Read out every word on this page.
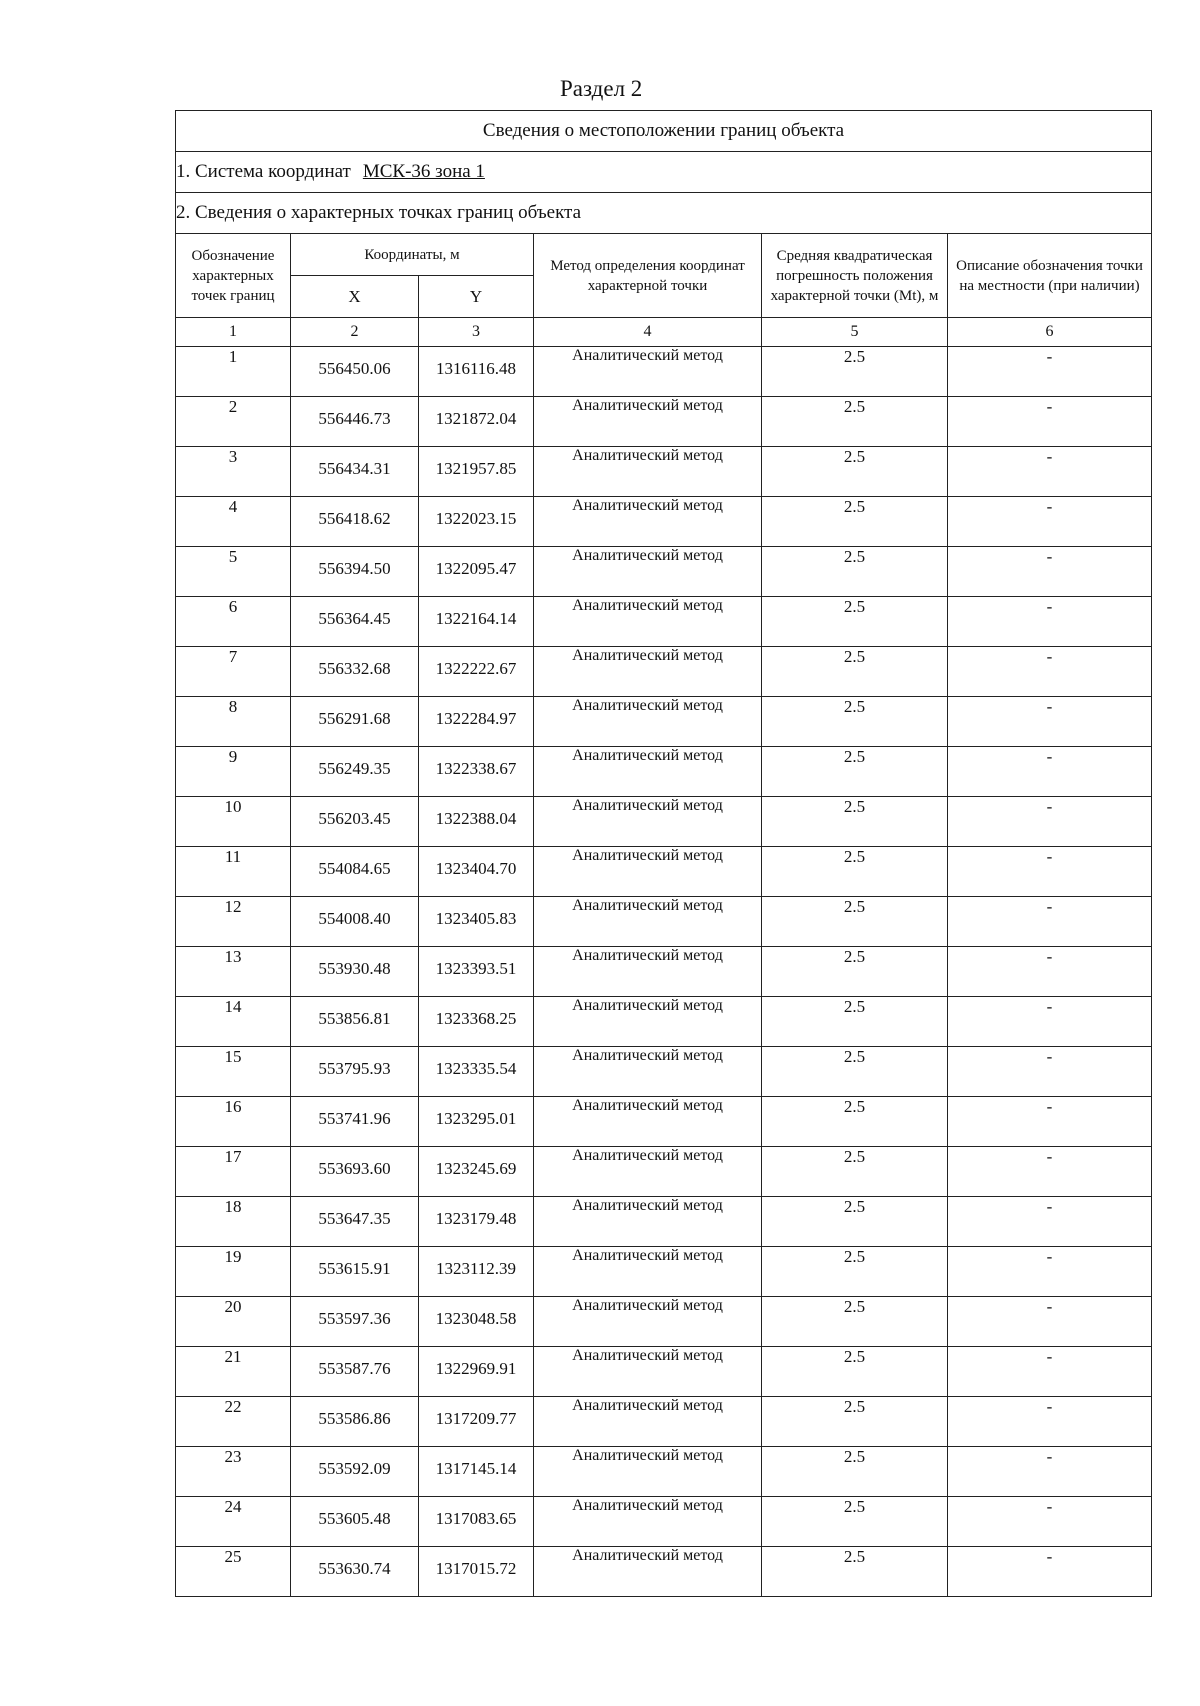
Раздел 2
Сведения о местоположении границ объекта					
1. Система координат МСК-36 зона 1					
2. Сведения о характерных точках границ объекта					
Обозначение характерных точек границ	Координаты, м		Метод определения координат характерной точки	Средняя квадратическая погрешность положения характерной точки (Mt), м	Описание обозначения точки на местности (при наличии)
	X	Y			
1	2	3	4	5	6
1	556450.06	1316116.48	Аналитический метод	2.5	-
2	556446.73	1321872.04	Аналитический метод	2.5	-
3	556434.31	1321957.85	Аналитический метод	2.5	-
4	556418.62	1322023.15	Аналитический метод	2.5	-
5	556394.50	1322095.47	Аналитический метод	2.5	-
6	556364.45	1322164.14	Аналитический метод	2.5	-
7	556332.68	1322222.67	Аналитический метод	2.5	-
8	556291.68	1322284.97	Аналитический метод	2.5	-
9	556249.35	1322338.67	Аналитический метод	2.5	-
10	556203.45	1322388.04	Аналитический метод	2.5	-
11	554084.65	1323404.70	Аналитический метод	2.5	-
12	554008.40	1323405.83	Аналитический метод	2.5	-
13	553930.48	1323393.51	Аналитический метод	2.5	-
14	553856.81	1323368.25	Аналитический метод	2.5	-
15	553795.93	1323335.54	Аналитический метод	2.5	-
16	553741.96	1323295.01	Аналитический метод	2.5	-
17	553693.60	1323245.69	Аналитический метод	2.5	-
18	553647.35	1323179.48	Аналитический метод	2.5	-
19	553615.91	1323112.39	Аналитический метод	2.5	-
20	553597.36	1323048.58	Аналитический метод	2.5	-
21	553587.76	1322969.91	Аналитический метод	2.5	-
22	553586.86	1317209.77	Аналитический метод	2.5	-
23	553592.09	1317145.14	Аналитический метод	2.5	-
24	553605.48	1317083.65	Аналитический метод	2.5	-
25	553630.74	1317015.72	Аналитический метод	2.5	-
